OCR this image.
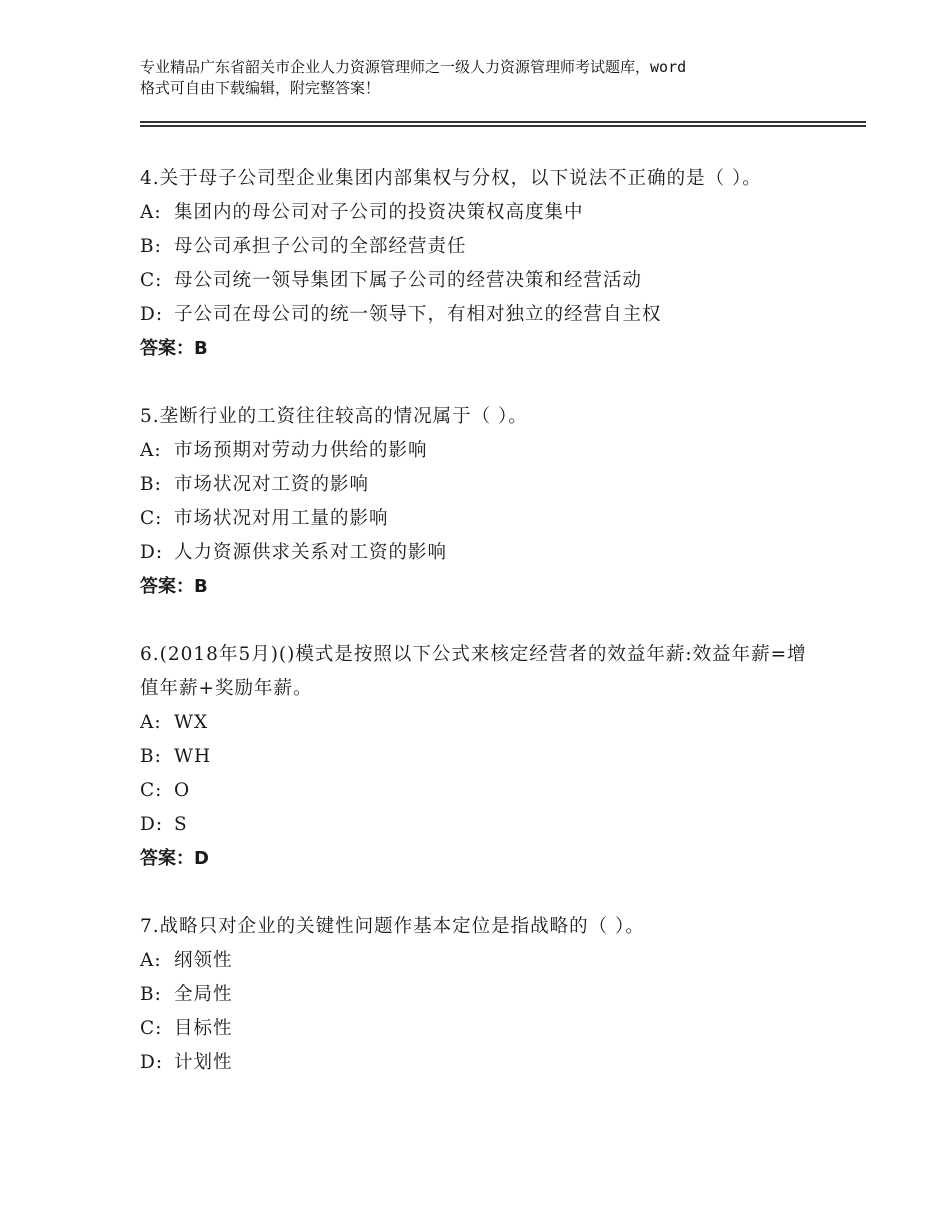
专业精品广东省韶关市企业人力资源管理师之一级人力资源管理师考试题库，word
格式可自由下载编辑，附完整答案！
4.关于母子公司型企业集团内部集权与分权，以下说法不正确的是（ ）。
A: 集团内的母公司对子公司的投资决策权高度集中
B: 母公司承担子公司的全部经营责任
C: 母公司统一领导集团下属子公司的经营决策和经营活动
D: 子公司在母公司的统一领导下，有相对独立的经营自主权
答案：B
5.垄断行业的工资往往较高的情况属于（ ）。
A: 市场预期对劳动力供给的影响
B: 市场状况对工资的影响
C: 市场状况对用工量的影响
D: 人力资源供求关系对工资的影响
答案：B
6.(2018年5月)()模式是按照以下公式来核定经营者的效益年薪:效益年薪=增值年薪+奖励年薪。
A: WX
B: WH
C: O
D: S
答案：D
7.战略只对企业的关键性问题作基本定位是指战略的（ ）。
A: 纲领性
B: 全局性
C: 目标性
D: 计划性
